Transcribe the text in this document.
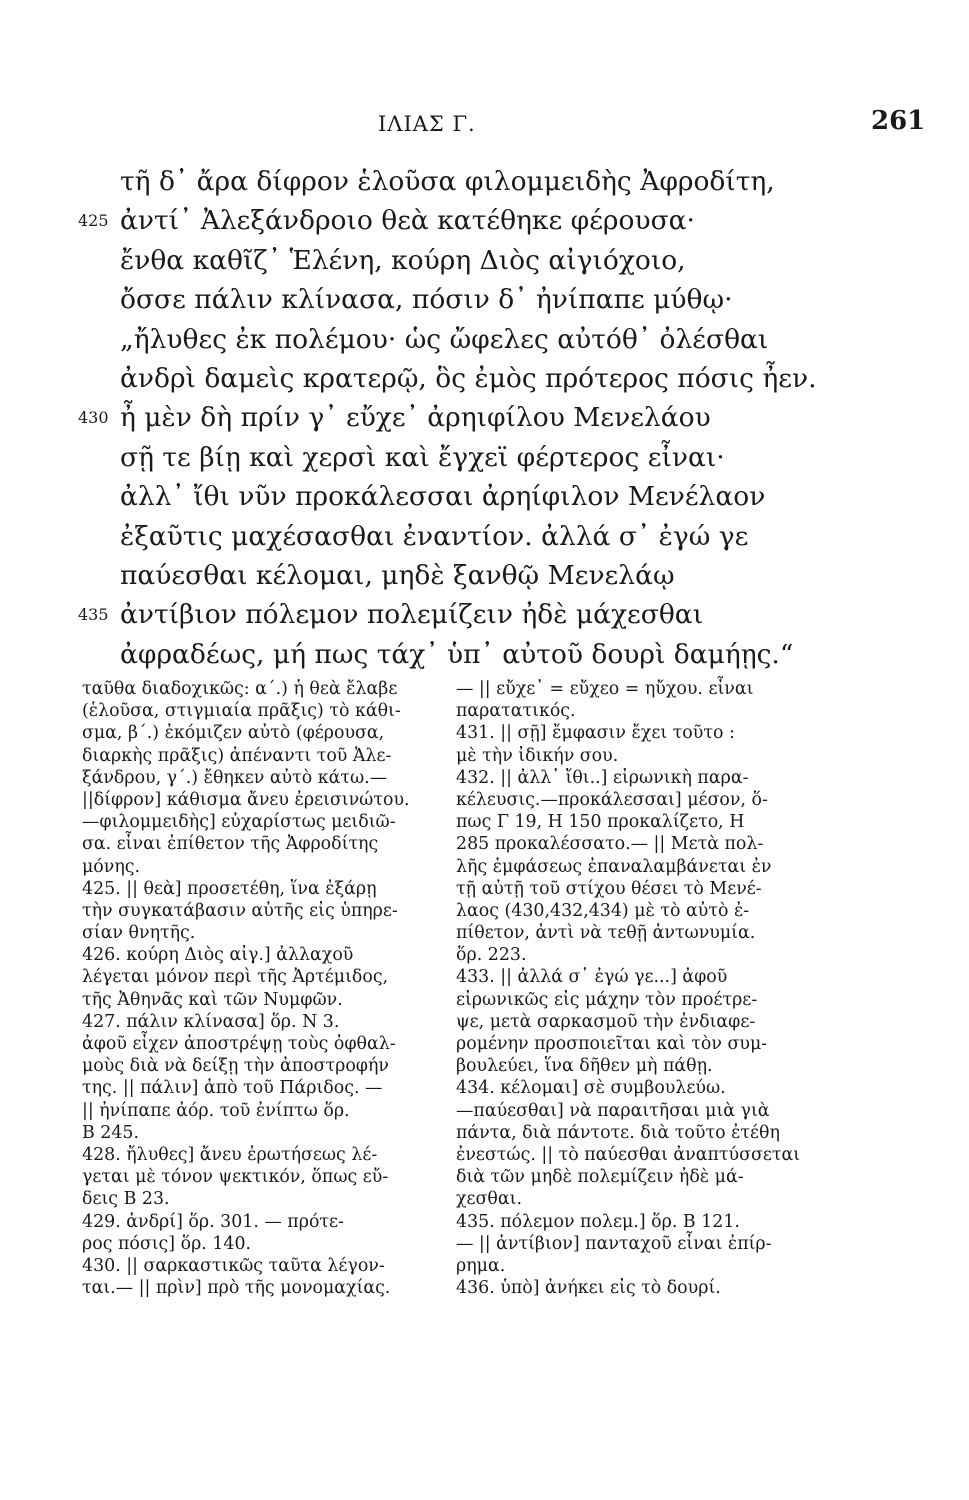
ΙΛΙΑΣ Γ.	261
τῆ δ᾽ ἄρα δίφρον ἑλοῦσα φιλομμειδὴς Ἀφροδίτη,
425 ἀντί᾽ Ἀλεξάνδροιο θεὰ κατέθηκε φέρουσα·
ἔνθα καθῖζ᾽ Ἑλένη, κούρη Διὸς αἰγιόχοιο,
ὄσσε πάλιν κλίνασα, πόσιν δ᾽ ἠνίπαπε μύθῳ·
„ἤλυθες ἐκ πολέμου· ὡς ὤφελες αὐτόθ᾽ ὀλέσθαι
ἀνδρὶ δαμεὶς κρατερῷ, ὃς ἐμὸς πρότερος πόσις ἦεν.
430 ἦ μὲν δὴ πρίν γ᾽ εὔχε᾽ ἀρηιφίλου Μενελάου
σῇ τε βίῃ καὶ χερσὶ καὶ ἔγχεϊ φέρτερος εἶναι·
ἀλλ᾽ ἴθι νῦν προκάλεσσαι ἀρηίφιλον Μενέλαον
ἐξαῦτις μαχέσασθαι ἐναντίον. ἀλλά σ᾽ ἐγώ γε
παύεσθαι κέλομαι, μηδὲ ξανθῷ Μενελάῳ
435 ἀντίβιον πόλεμον πολεμίζειν ἠδὲ μάχεσθαι
ἀφραδέως, μή πως τάχ᾽ ὑπ᾽ αὐτοῦ δουρὶ δαμήῃς.“
ταῦθα διαδοχικῶς: α΄.) ἡ θεὰ ἔλαβε
(ἑλοῦσα, στιγμιαία πρᾶξις) τὸ κάθι-
σμα, β΄.) ἐκόμιζεν αὐτὸ (φέρουσα,
διαρκὴς πρᾶξις) ἀπέναντι τοῦ Ἀλε-
ξάνδρου, γ΄.) ἔθηκεν αὐτὸ κάτω.—
||δίφρον] κάθισμα ἄνευ ἐρεισινώτου.
—φιλομμειδὴς] εὐχαρίστως μειδιῶ-
σα. εἶναι ἐπίθετον τῆς Ἀφροδίτης
μόνης.
425. || θεὰ] προσετέθη, ἵνα ἐξάρῃ
τὴν συγκατάβασιν αὐτῆς εἰς ὑπηρε-
σίαν θνητῆς.
426. κούρη Διὸς αἰγ.] ἀλλαχοῦ
λέγεται μόνον περὶ τῆς Ἀρτέμιδος,
τῆς Ἀθηνᾶς καὶ τῶν Νυμφῶν.
427. πάλιν κλίνασα] ὅρ. Ν 3.
ἀφοῦ εἶχεν ἀποστρέψῃ τοὺς ὀφθαλ-
μοὺς διὰ νὰ δείξῃ τὴν ἀποστροφήν
της. || πάλιν] ἀπὸ τοῦ Πάριδος. —
|| ἠνίπαπε ἀόρ. τοῦ ἐνίπτω ὅρ.
Β 245.
428. ἤλυθες] ἄνευ ἐρωτήσεως λέ-
γεται μὲ τόνον ψεκτικόν, ὅπως εὔ-
δεις Β 23.
429. ἀνδρί] ὅρ. 301. — πρότε-
ρος πόσις] ὅρ. 140.
430. || σαρκαστικῶς ταῦτα λέγον-
ται.— || πρὶν] πρὸ τῆς μονομαχίας.
— || εὔχε᾽ = εὔχεο = ηὔχου. εἶναι
παρατατικός.
431. || σῇ] ἔμφασιν ἔχει τοῦτο :
μὲ τὴν ἰδικήν σου.
432. || ἀλλ᾽ ἴθι..] εἰρωνικὴ παρα-
κέλευσις.—προκάλεσσαι] μέσον, ὅ-
πως Γ 19, Η 150 προκαλίζετο, Η
285 προκαλέσσατο.— || Μετὰ πολ-
λῆς ἐμφάσεως ἐπαναλαμβάνεται ἐν
τῇ αὐτῇ τοῦ στίχου θέσει τὸ Μενέ-
λαος (430,432,434) μὲ τὸ αὐτὸ ἐ-
πίθετον, ἀντὶ νὰ τεθῇ ἀντωνυμία.
ὅρ. 223.
433. || ἀλλά σ᾽ ἐγώ γε...] ἀφοῦ
εἰρωνικῶς εἰς μάχην τὸν προέτρε-
ψε, μετὰ σαρκασμοῦ τὴν ἐνδιαφε-
ρομένην προσποιεῖται καὶ τὸν συμ-
βουλεύει, ἵνα δῆθεν μὴ πάθῃ.
434. κέλομαι] σὲ συμβουλεύω.
—παύεσθαι] νὰ παραιτῆσαι μιὰ γιὰ
πάντα, διὰ πάντοτε. διὰ τοῦτο ἐτέθη
ἐνεστώς. || τὸ παύεσθαι ἀναπτύσσεται
διὰ τῶν μηδὲ πολεμίζειν ἠδὲ μά-
χεσθαι.
435. πόλεμον πολεμ.] ὅρ. Β 121.
— || ἀντίβιον] πανταχοῦ εἶναι ἐπίρ-
ρημα.
436. ὑπὸ] ἀνήκει εἰς τὸ δουρί.
